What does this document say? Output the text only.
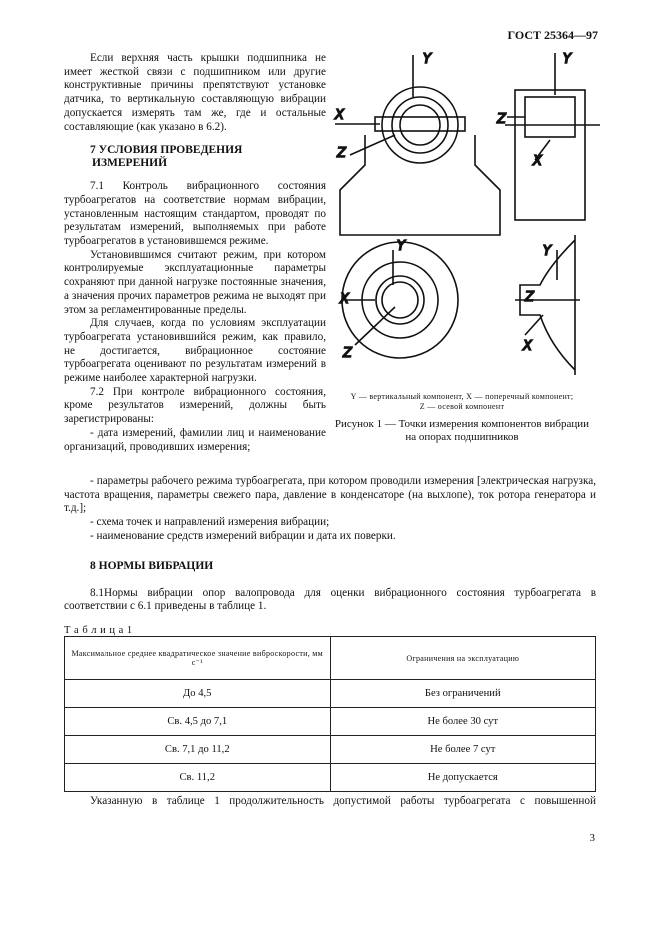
ГОСТ 25364—97

Если верхняя часть крышки подшипника не имеет жесткой связи с подшипником или другие конструктивные причины препятствуют установке датчика, то вертикальную составляющую вибрации допускается измерять там же, где и остальные составляющие (как указано в 6.2).

7 УСЛОВИЯ ПРОВЕДЕНИЯ
ИЗМЕРЕНИЙ

7.1 Контроль вибрационного состояния турбоагрегатов на соответствие нормам вибрации, установленным настоящим стандартом, проводят по результатам измерений, выполняемых при работе турбоагрегатов в установившемся режиме.

Установившимся считают режим, при котором контролируемые эксплуатационные параметры сохраняют при данной нагрузке постоянные значения, а значения прочих параметров режима не выходят при этом за регламентированные пределы.

Для случаев, когда по условиям эксплуатации турбоагрегата установившийся режим, как правило, не достигается, вибрационное состояние турбоагрегата оценивают по результатам измерений в режиме наиболее характерной нагрузки.

7.2 При контроле вибрационного состояния, кроме результатов измерений, должны быть зарегистрированы:

- дата измерений, фамилии лиц и наименование организаций, проводивших измерения;

Y
X
Z
Y
Z
X
Y
X
Z
Y
Z
X
Y — вертикальный компонент, X — поперечный компонент;
Z — осевой компонент
Рисунок 1 — Точки измерения компонентов вибрации
на опорах подшипников

- параметры рабочего режима турбоагрегата, при котором проводили измерения [электрическая нагрузка, частота вращения, параметры свежего пара, давление в конденсаторе (на выхлопе), ток ротора генератора и т.д.];

- схема точек и направлений измерения вибрации;

- наименование средств измерений вибрации и дата их поверки.

8 НОРМЫ ВИБРАЦИИ

8.1Нормы вибрации опор валопровода для оценки вибрационного состояния турбоагрегата в соответствии с 6.1 приведены в таблице 1.

Т а б л и ц а 1

Максимальное среднее квадратическое значение виброскорости, мм с⁻¹	Ограничения на эксплуатацию
До 4,5	Без ограничений
Св. 4,5 до 7,1	Не более 30 сут
Св. 7,1 до 11,2	Не более 7 сут
Св. 11,2	Не допускается

Указанную в таблице 1 продолжительность допустимой работы турбоагрегата с повышенной

3
